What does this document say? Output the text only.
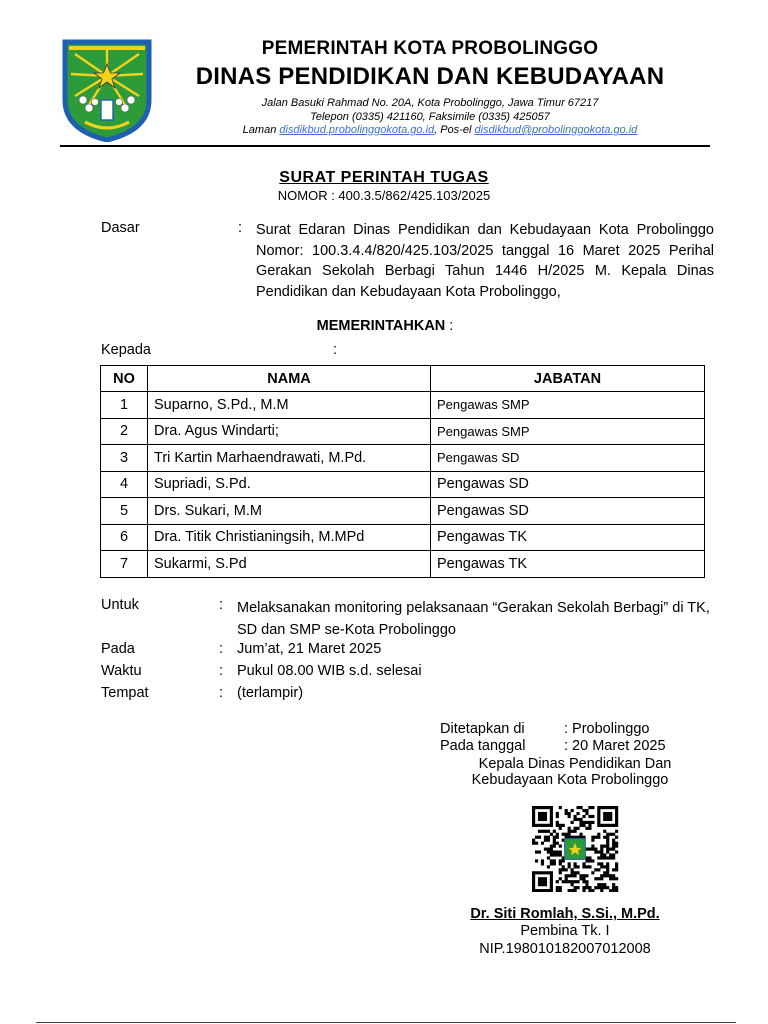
PEMERINTAH KOTA PROBOLINGGO
DINAS PENDIDIKAN DAN KEBUDAYAAN
Jalan Basuki Rahmad No. 20A, Kota Probolinggo, Jawa Timur 67217
Telepon (0335) 421160, Faksimile (0335) 425057
Laman disdikbud.probolinggokota.go.id, Pos-el disdikbud@probolinggokota.go.id
SURAT PERINTAH TUGAS
NOMOR : 400.3.5/862/425.103/2025
Dasar	: Surat Edaran Dinas Pendidikan dan Kebudayaan Kota Probolinggo Nomor: 100.3.4.4/820/425.103/2025 tanggal 16 Maret 2025 Perihal Gerakan Sekolah Berbagi Tahun 1446 H/2025 M. Kepala Dinas Pendidikan dan Kebudayaan Kota Probolinggo,
MEMERINTAHKAN :
Kepada	:
NO	NAMA	JABATAN
1	Suparno, S.Pd., M.M	Pengawas SMP
2	Dra. Agus Windarti;	Pengawas SMP
3	Tri Kartin Marhaendrawati, M.Pd.	Pengawas SD
4	Supriadi, S.Pd.	Pengawas SD
5	Drs. Sukari, M.M	Pengawas SD
6	Dra. Titik Christianingsih, M.MPd	Pengawas TK
7	Sukarmi, S.Pd	Pengawas TK
Untuk	: Melaksanakan monitoring pelaksanaan “Gerakan Sekolah Berbagi” di TK, SD dan SMP se-Kota Probolinggo
Pada	: Jum’at, 21 Maret 2025
Waktu	: Pukul 08.00 WIB s.d. selesai
Tempat	: (terlampir)
Ditetapkan di	: Probolinggo
Pada tanggal	: 20 Maret 2025
Kepala Dinas Pendidikan Dan
Kebudayaan Kota Probolinggo
Dr. Siti Romlah, S.Si., M.Pd.
Pembina Tk. I
NIP.198010182007012008
